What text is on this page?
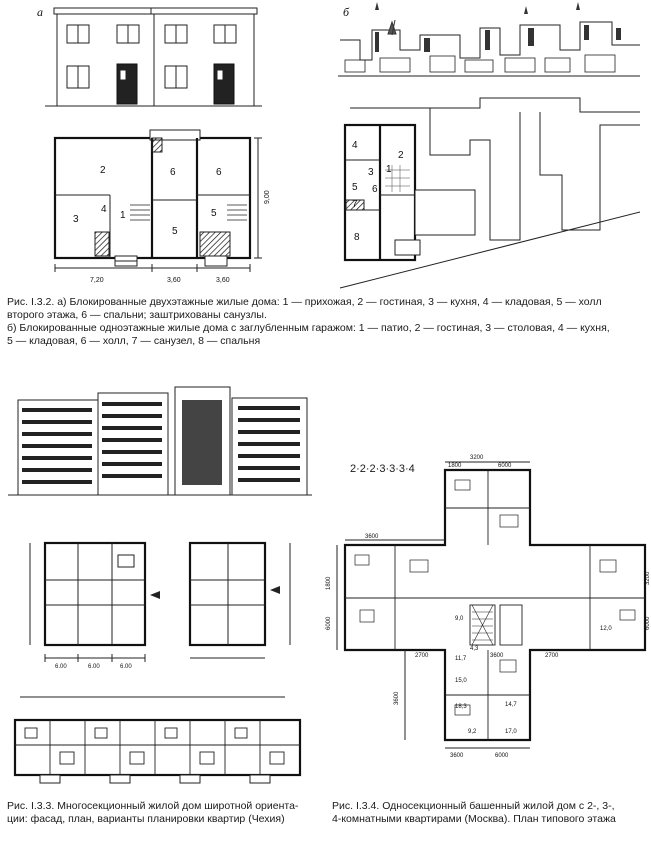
а
2	6	6
4
3	1
5
5
7,20	3,60	3,60
9,00
б
2
1
3
4
5 6
7
8

Рис. I.3.2. а) Блокированные двухэтажные жилые дома: 1 — прихожая, 2 — гостиная, 3 — кухня, 4 — кладовая, 5 — холл

второго этажа, 6 — спальни; заштрихованы санузлы.

б) Блокированные одноэтажные жилые дома с заглубленным гаражом: 1 — патио, 2 — гостиная, 3 — столовая, 4 — кухня,

5 — кладовая, 6 — холл, 7 — санузел, 8 — спальня

6.00	6.00	6.00

Рис. I.3.3. Многосекционный жилой дом широтной ориента-

ции: фасад, план, варианты планировки квартир (Чехия)

2·2·2·3·3·3·4
3200
1800	6000
3600
1800
6000
3600
3200
6000
2700	3600	2700
3600	6000
9,0
11,7
4,3
15,0
18,3	14,7
17,0
12,0
9,2

Рис. I.3.4. Односекционный башенный жилой дом с 2-, 3-,

4-комнатными квартирами (Москва). План типового этажа
